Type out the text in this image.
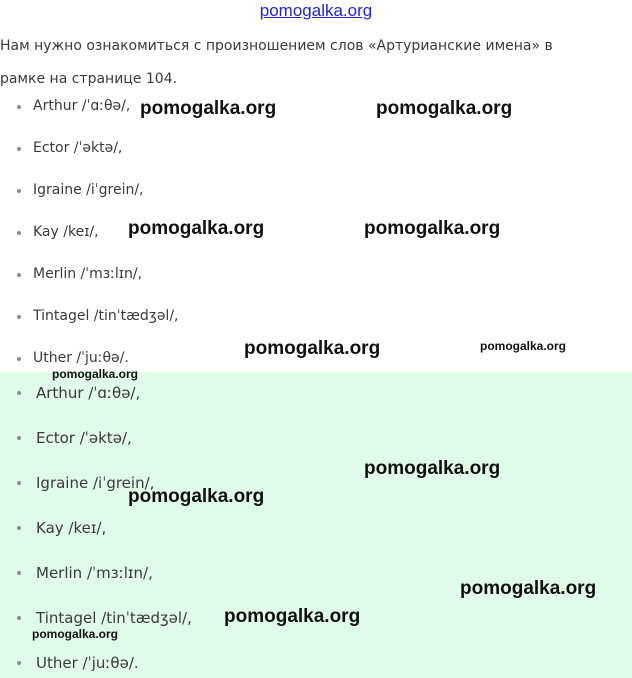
pomogalka.org
Нам нужно ознакомиться с произношением слов «Артурианские имена» в
рамке на странице 104.
Arthur /ˈɑːθə/,
Ector /ˈəktə/,
Igraine /iˈgrein/,
Kay /keɪ/,
Merlin /ˈmɜːlɪn/,
Tintagel /tinˈtædʒəl/,
Uther /ˈjuːθə/.
Arthur /ˈɑːθə/,
Ector /ˈəktə/,
Igraine /iˈgrein/,
Kay /keɪ/,
Merlin /ˈmɜːlɪn/,
Tintagel /tinˈtædʒəl/,
Uther /ˈjuːθə/.
pomogalka.org	pomogalka.org
pomogalka.org	pomogalka.org
pomogalka.org	pomogalka.org
pomogalka.org
pomogalka.org
pomogalka.org
pomogalka.org
pomogalka.org
pomogalka.org
